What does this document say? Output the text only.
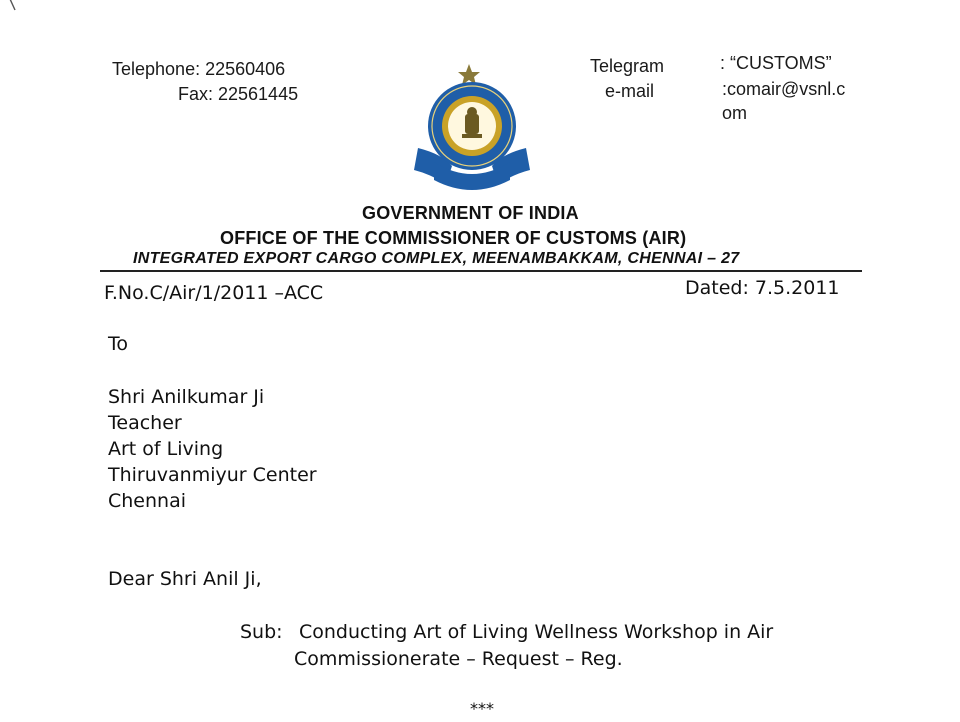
Telephone: 22560406
Fax: 22561445
Telegram	: “CUSTOMS”
e-mail	:comair@vsnl.c
om
GOVERNMENT OF INDIA
OFFICE OF THE COMMISSIONER OF CUSTOMS (AIR)
INTEGRATED EXPORT CARGO COMPLEX, MEENAMBAKKAM, CHENNAI – 27
F.No.C/Air/1/2011 –ACC	Dated: 7.5.2011
To
Shri Anilkumar Ji
Teacher
Art of Living
Thiruvanmiyur Center
Chennai
Dear Shri Anil Ji,
Sub: Conducting Art of Living Wellness Workshop in Air
Commissionerate – Request – Reg.
***
